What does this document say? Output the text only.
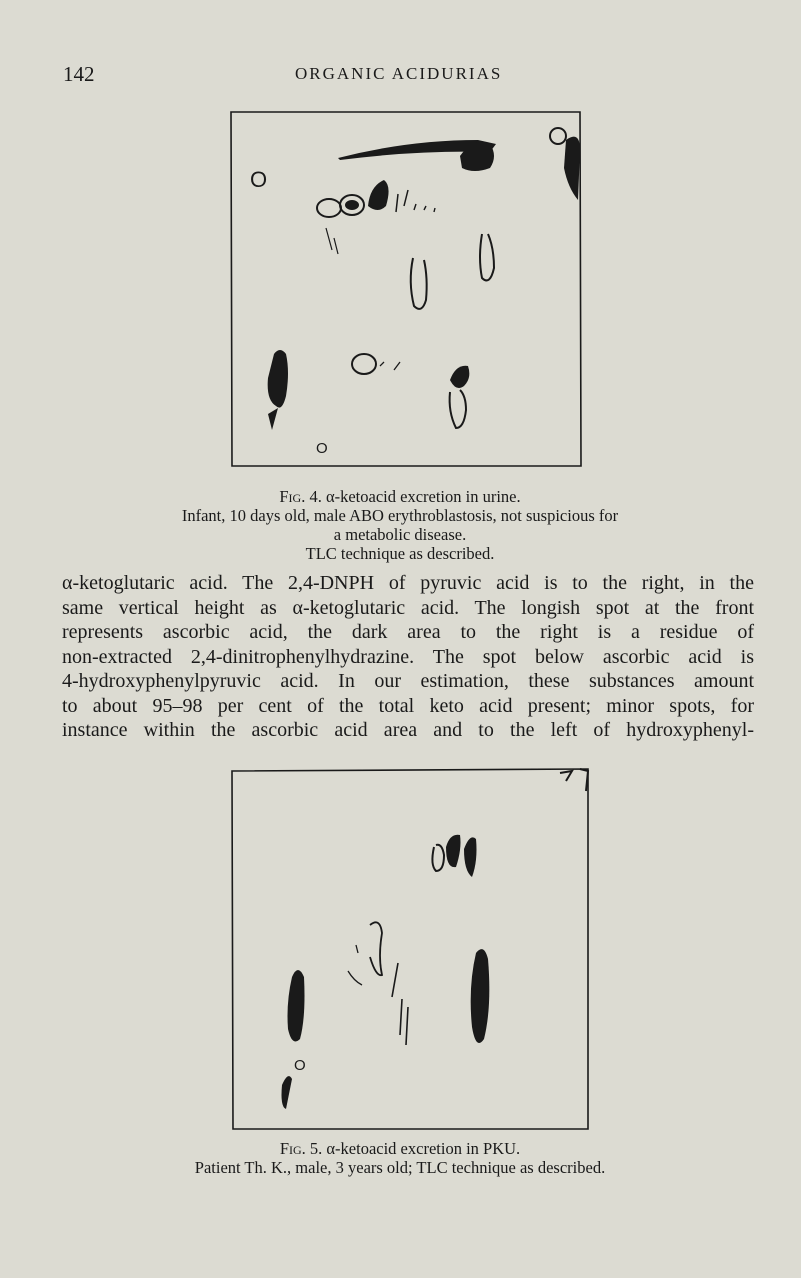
142	ORGANIC ACIDURIAS
O
O
Fig. 4. α-ketoacid excretion in urine.
Infant, 10 days old, male ABO erythroblastosis, not suspicious for
a metabolic disease.
TLC technique as described.
α-ketoglutaric acid. The 2,4-DNPH of pyruvic acid is to the right, in the
same vertical height as α-ketoglutaric acid. The longish spot at the front
represents ascorbic acid, the dark area to the right is a residue of
non-extracted 2,4-dinitrophenylhydrazine. The spot below ascorbic acid is
4-hydroxyphenylpyruvic acid. In our estimation, these substances amount
to about 95–98 per cent of the total keto acid present; minor spots, for
instance within the ascorbic acid area and to the left of hydroxyphenyl-
O
Fig. 5. α-ketoacid excretion in PKU.
Patient Th. K., male, 3 years old; TLC technique as described.
